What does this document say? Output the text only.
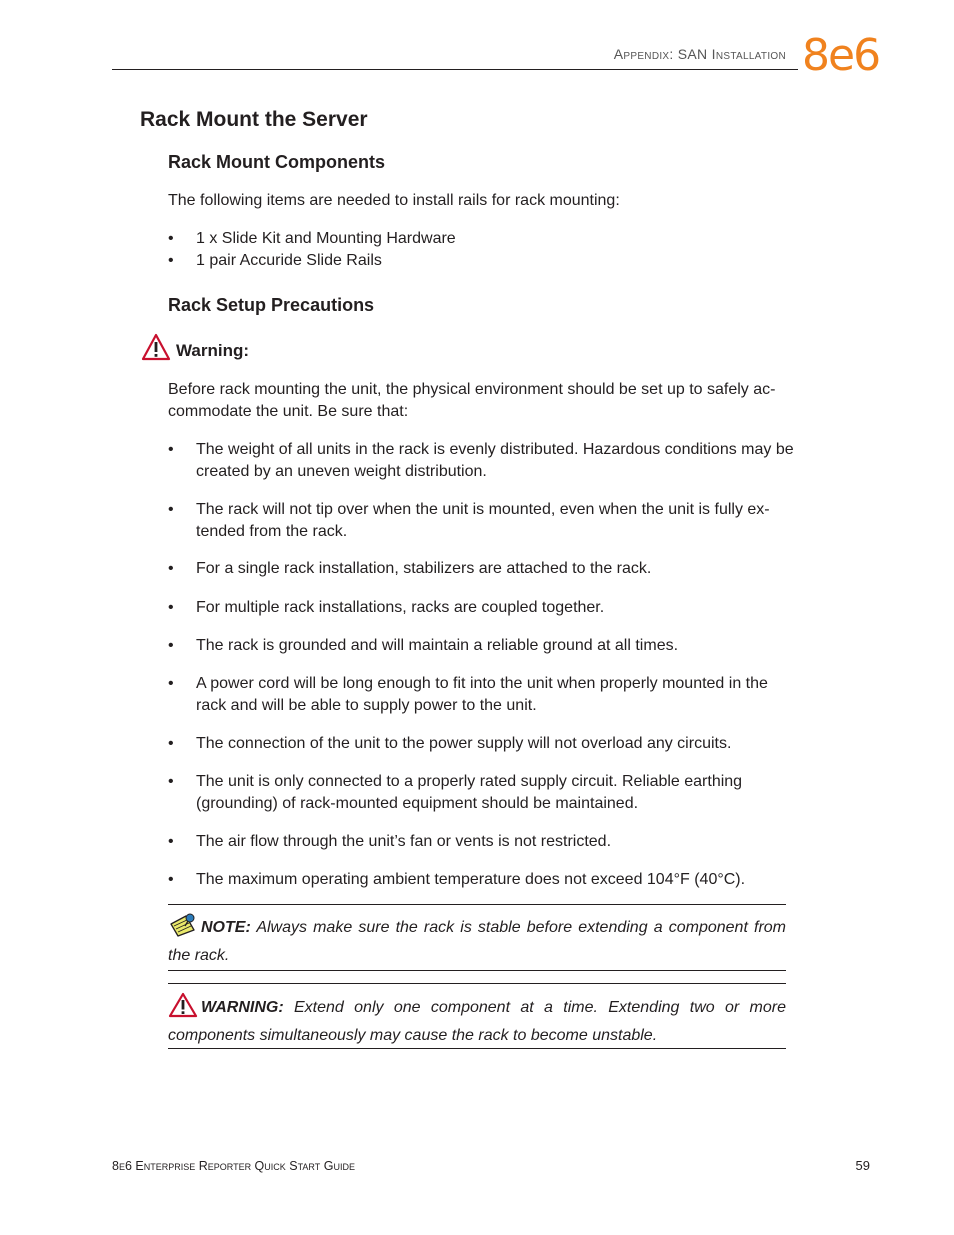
Appendix: SAN Installation 8e6
Rack Mount the Server
Rack Mount Components
The following items are needed to install rails for rack mounting:
• 1 x Slide Kit and Mounting Hardware
• 1 pair Accuride Slide Rails
Rack Setup Precautions
Warning:
Before rack mounting the unit, the physical environment should be set up to safely ac-
commodate the unit. Be sure that:
• The weight of all units in the rack is evenly distributed. Hazardous conditions may be
created by an uneven weight distribution.
• The rack will not tip over when the unit is mounted, even when the unit is fully ex-
tended from the rack.
• For a single rack installation, stabilizers are attached to the rack.
• For multiple rack installations, racks are coupled together.
• The rack is grounded and will maintain a reliable ground at all times.
• A power cord will be long enough to fit into the unit when properly mounted in the
rack and will be able to supply power to the unit.
• The connection of the unit to the power supply will not overload any circuits.
• The unit is only connected to a properly rated supply circuit. Reliable earthing
(grounding) of rack-mounted equipment should be maintained.
• The air flow through the unit’s fan or vents is not restricted.
• The maximum operating ambient temperature does not exceed 104°F (40°C).
NOTE: Always make sure the rack is stable before extending a component from the rack.
WARNING: Extend only one component at a time. Extending two or more components simultaneously may cause the rack to become unstable.
8e6 Enterprise Reporter Quick Start Guide	59
